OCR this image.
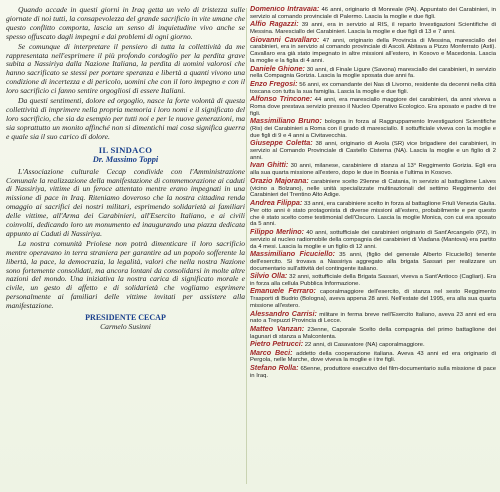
Quando accade in questi giorni in Iraq getta un velo di tristezza sulle giornate di noi tutti, la consapevolezza del grande sacrificio in vite umane che questo conflitto comporta, lascia un senso di inquietudine vivo anche se spesso offuscato dagli impegni e dai problemi di ogni giorno.

Se comunque di interpretare il pensiero di tutta la collettività da me rappresentata nell'esprimere il più profondo cordoglio per la perdita grave subita a Nassiriya dalla Nazione Italiana, la perdita di uomini valorosi che hanno sacrificato se stessi per portare speranza e libertà a quanti vivono una condizione di incertezza e di pericolo, uomini che con il loro impegno e con il loro sacrificio ci fanno sentire orgogliosi di essere Italiani.

Da questi sentimenti, dolore ed orgoglio, nasce la forte volontà di questa collettività di imprimere nella propria memoria i loro nomi e il significato del loro sacrificio, che sia da esempio per tutti noi e per le nuove generazioni, ma sia soprattutto un monito affinché non si dimentichi mai cosa significa guerra e quale sia il suo carico di dolore.

IL SINDACO
Dr. Massimo Toppi

L'Associazione culturale Cecap condivide con l'Amministrazione Comunale la realizzazione della manifestazione di commemorazione ai caduti di Nassiriya, vittime di un feroce attentato mentre erano impegnati in una missione di pace in Iraq. Riteniamo doveroso che la nostra cittadina renda omaggio ai sacrifici dei nostri militari, esprimendo solidarietà ai familiari delle vittime, all'Arma dei Carabinieri, all'Esercito Italiano, e ai civili coinvolti, dedicando loro un monumento ed inaugurando una piazza dedicata appunto ai Caduti di Nassiriya.

La nostra comunità Priolese non potrà dimenticare il loro sacrificio mentre operavano in terra straniera per garantire ad un popolo sofferente la libertà, la pace, la democrazia, la legalità, valori che nella nostra Nazione sono fortemente consolidati, ma ancora lontani da consolidarsi in molte altre nazioni del mondo. Una iniziativa la nostra carica di significato morale e civile, un gesto di affetto e di solidarietà che vogliamo esprimere personalmente ai familiari delle vittime invitati per assistere alla manifestazione.

PRESIDENTE CECAP
Carmelo Susinni

Domenico Intravaia: 46 anni, originario di Monreale (PA). Appuntato dei Carabinieri, in servizio al comando provinciale di Palermo. Lascia la moglie e due figli.

Alfio Ragazzi: 39 anni, era in servizio al RIS, il reparto Investigazioni Scientifiche di Messina. Maresciallo dei Carabinieri. Lascia la moglie e due figli di 13 e 7 anni.

Giovanni Cavallaro: 47 anni, originario della Provincia di Messina, maresciallo dei carabinieri, era in servizio al comando provinciale di Ascoli. Abitava a Pizzo Monferrato (Asti). Cavallaro era già stato impegnato in altre missioni all'estero, in Kosovo e Macedonia. Lascia la moglie e la figlia di 4 anni.

Daniele Ghione: 30 anni, di Finale Ligure (Savona) maresciallo dei carabinieri, in servizio nella Compagnia Gorizia. Lascia la moglie sposata due anni fa.

Enzo Fregosi: 56 anni, ex comandante dei Nas di Livorno, residente da decenni nella città toscana con tutta la sua famiglia. Lascia la moglie e due figli.

Alfonso Trincone: 44 anni, era maresciallo maggiore dei carabinieri, da anni viveva a Roma dove prestava servizio presso il Nucleo Operativo Ecologico. Era sposato e padre di tre figli.

Massimiliano Bruno: bologna in forza al Raggruppamento Investigazioni Scientifiche (Ris) dei Carabinieri a Roma con il grado di maresciallo. Il sottufficiale viveva con la moglie e due figli di 9 e 4 anni a Civitavecchia.

Giuseppe Coletta: 38 anni, originario di Avola (SR) vice brigadiere dei carabinieri, in servizio al Comando Provinciale di Castello Cisterna (NA). Lascia la moglie e un figlio di 2 anni.

Ivan Ghitti: 30 anni, milanese, carabiniere di stanza al 13° Reggimento Gorizia. Egli era alla sua quarta missione all'estero, dopo le due in Bosnia e l'ultima in Kosovo.

Orazio Majorana: carabiniere scelto 29enne di Catania, in servizio al battaglione Laives (vicino a Bolzano), nelle unità specializzate multinazionali del settimo Reggimento dei Carabinieri del Trentino Alto Adige.

Andrea Filippa: 33 anni, era carabiniere scelto in forza al battaglione Friuli Venezia Giulia. Per otto anni è stato protagonista di diverse missioni all'estero, probabilmente e per questo che è stato scelto come testimonial dell'Oscuro. Lascia la moglie Monica, con cui era sposato da 5 anni.

Filippo Merlino: 40 anni, sottufficiale dei carabinieri originario di Sant'Arcangelo (PZ), in servizio al nucleo radiomobile della compagnia dei carabinieri di Viadana (Mantova) era partito da 4 mesi. Lascia la moglie e un figlio di 12 anni.

Massimiliano Ficuciello: 35 anni, (figlio del generale Alberto Ficuciello) tenente dell'esercito. Si trovava a Nassiriya aggregato alla brigata Sassari per realizzare un documentario sull'attività del contingente italiano.

Silvio Olla: 32 anni, sottufficiale della Brigata Sassari, viveva a Sant'Antioco (Cagliari). Era in forza alla cellula Pubblica Informazione.

Emanuele Ferraro: caporalmaggiore dell'esercito, di stanza nel sesto Reggimento Trasporti di Budrio (Bologna), aveva appena 28 anni. Nell'estate del 1995, era alla sua quarta missione all'estero.

Alessandro Carrisi: militare in ferma breve nell'Esercito Italiano, aveva 23 anni ed era nato a Trepuzzi Provincia di Lecce.

Matteo Vanzan: 23enne, Caporale Scelto della compagnia del primo battaglione dei lagunari di stanza a Malcontenta.

Pietro Petrucci: 22 anni, di Casavatore (NA) caporalmaggiore.

Marco Beci: addetto della cooperazione italiana. Aveva 43 anni ed era originario di Pergola, nelle Marche, dove viveva la moglie e i tre figli.

Stefano Rolla: 65enne, produttore esecutivo del film-documentario sulla missione di pace in Iraq.
